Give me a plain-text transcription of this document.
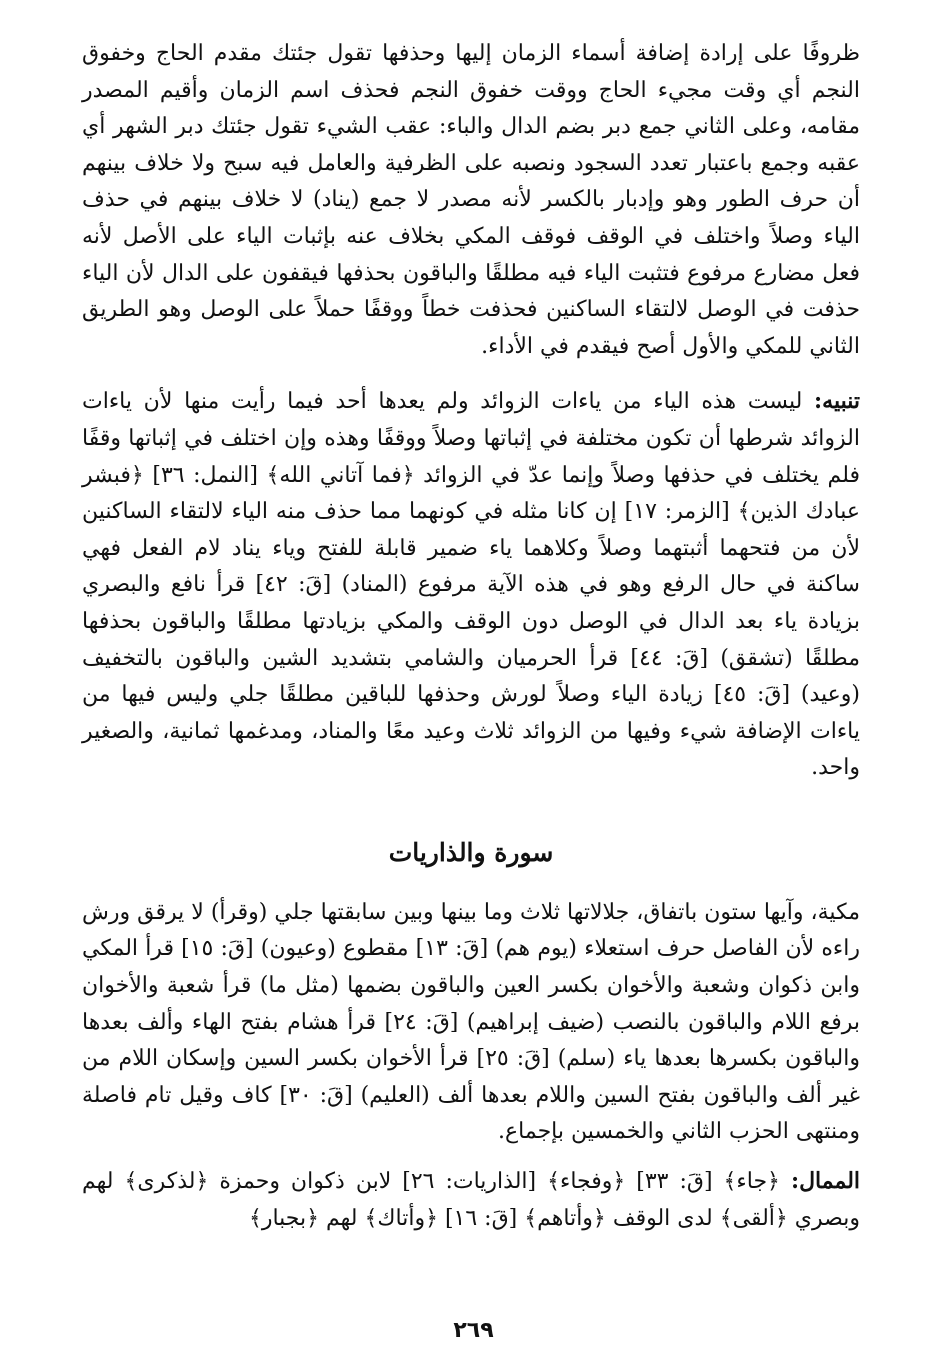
ظروفًا على إرادة إضافة أسماء الزمان إليها وحذفها تقول جئتك مقدم الحاج وخفوق النجم أي وقت مجيء الحاج ووقت خفوق النجم فحذف اسم الزمان وأقيم المصدر مقامه، وعلى الثاني جمع دبر بضم الدال والباء: عقب الشيء تقول جئتك دبر الشهر أي عقبه وجمع باعتبار تعدد السجود ونصبه على الظرفية والعامل فيه سبح ولا خلاف بينهم أن حرف الطور وهو وإدبار بالكسر لأنه مصدر لا جمع (يناد) لا خلاف بينهم في حذف الياء وصلاً واختلف في الوقف فوقف المكي بخلاف عنه بإثبات الياء على الأصل لأنه فعل مضارع مرفوع فتثبت الياء فيه مطلقًا والباقون بحذفها فيقفون على الدال لأن الياء حذفت في الوصل لالتقاء الساكنين فحذفت خطاً ووقفًا حملاً على الوصل وهو الطريق الثاني للمكي والأول أصح فيقدم في الأداء.

تنبيه: ليست هذه الياء من ياءات الزوائد ولم يعدها أحد فيما رأيت منها لأن ياءات الزوائد شرطها أن تكون مختلفة في إثباتها وصلاً ووقفًا وهذه وإن اختلف في إثباتها وقفًا فلم يختلف في حذفها وصلاً وإنما عدّ في الزوائد ﴿فما آتاني الله﴾ [النمل: ٣٦] ﴿فبشر عبادك الذين﴾ [الزمر: ١٧] إن كانا مثله في كونهما مما حذف منه الياء لالتقاء الساكنين لأن من فتحهما أثبتهما وصلاً وكلاهما ياء ضمير قابلة للفتح وياء يناد لام الفعل فهي ساكنة في حال الرفع وهو في هذه الآية مرفوع (المناد) [قَ: ٤٢] قرأ نافع والبصري بزيادة ياء بعد الدال في الوصل دون الوقف والمكي بزيادتها مطلقًا والباقون بحذفها مطلقًا (تشقق) [قَ: ٤٤] قرأ الحرميان والشامي بتشديد الشين والباقون بالتخفيف (وعيد) [قَ: ٤٥] زيادة الياء وصلاً لورش وحذفها للباقين مطلقًا جلي وليس فيها من ياءات الإضافة شيء وفيها من الزوائد ثلاث وعيد معًا والمناد، ومدغمها ثمانية، والصغير واحد.

سورة والذاريات

مكية، وآيها ستون باتفاق، جلالاتها ثلاث وما بينها وبين سابقتها جلي (وقرأ) لا يرقق ورش راءه لأن الفاصل حرف استعلاء (يوم هم) [قَ: ١٣] مقطوع (وعيون) [قَ: ١٥] قرأ المكي وابن ذكوان وشعبة والأخوان بكسر العين والباقون بضمها (مثل ما) قرأ شعبة والأخوان برفع اللام والباقون بالنصب (ضيف إبراهيم) [قَ: ٢٤] قرأ هشام بفتح الهاء وألف بعدها والباقون بكسرها بعدها ياء (سلم) [قَ: ٢٥] قرأ الأخوان بكسر السين وإسكان اللام من غير ألف والباقون بفتح السين واللام بعدها ألف (العليم) [قَ: ٣٠] كاف وقيل تام فاصلة ومنتهى الحزب الثاني والخمسين بإجماع.

الممال: ﴿جاء﴾ [قَ: ٣٣] ﴿وفجاء﴾ [الذاريات: ٢٦] لابن ذكوان وحمزة ﴿لذكرى﴾ لهم وبصري ﴿ألقى﴾ لدى الوقف ﴿وأتاهم﴾ [قَ: ١٦] ﴿وأتاك﴾ لهم ﴿بجبار﴾

٢٦٩
